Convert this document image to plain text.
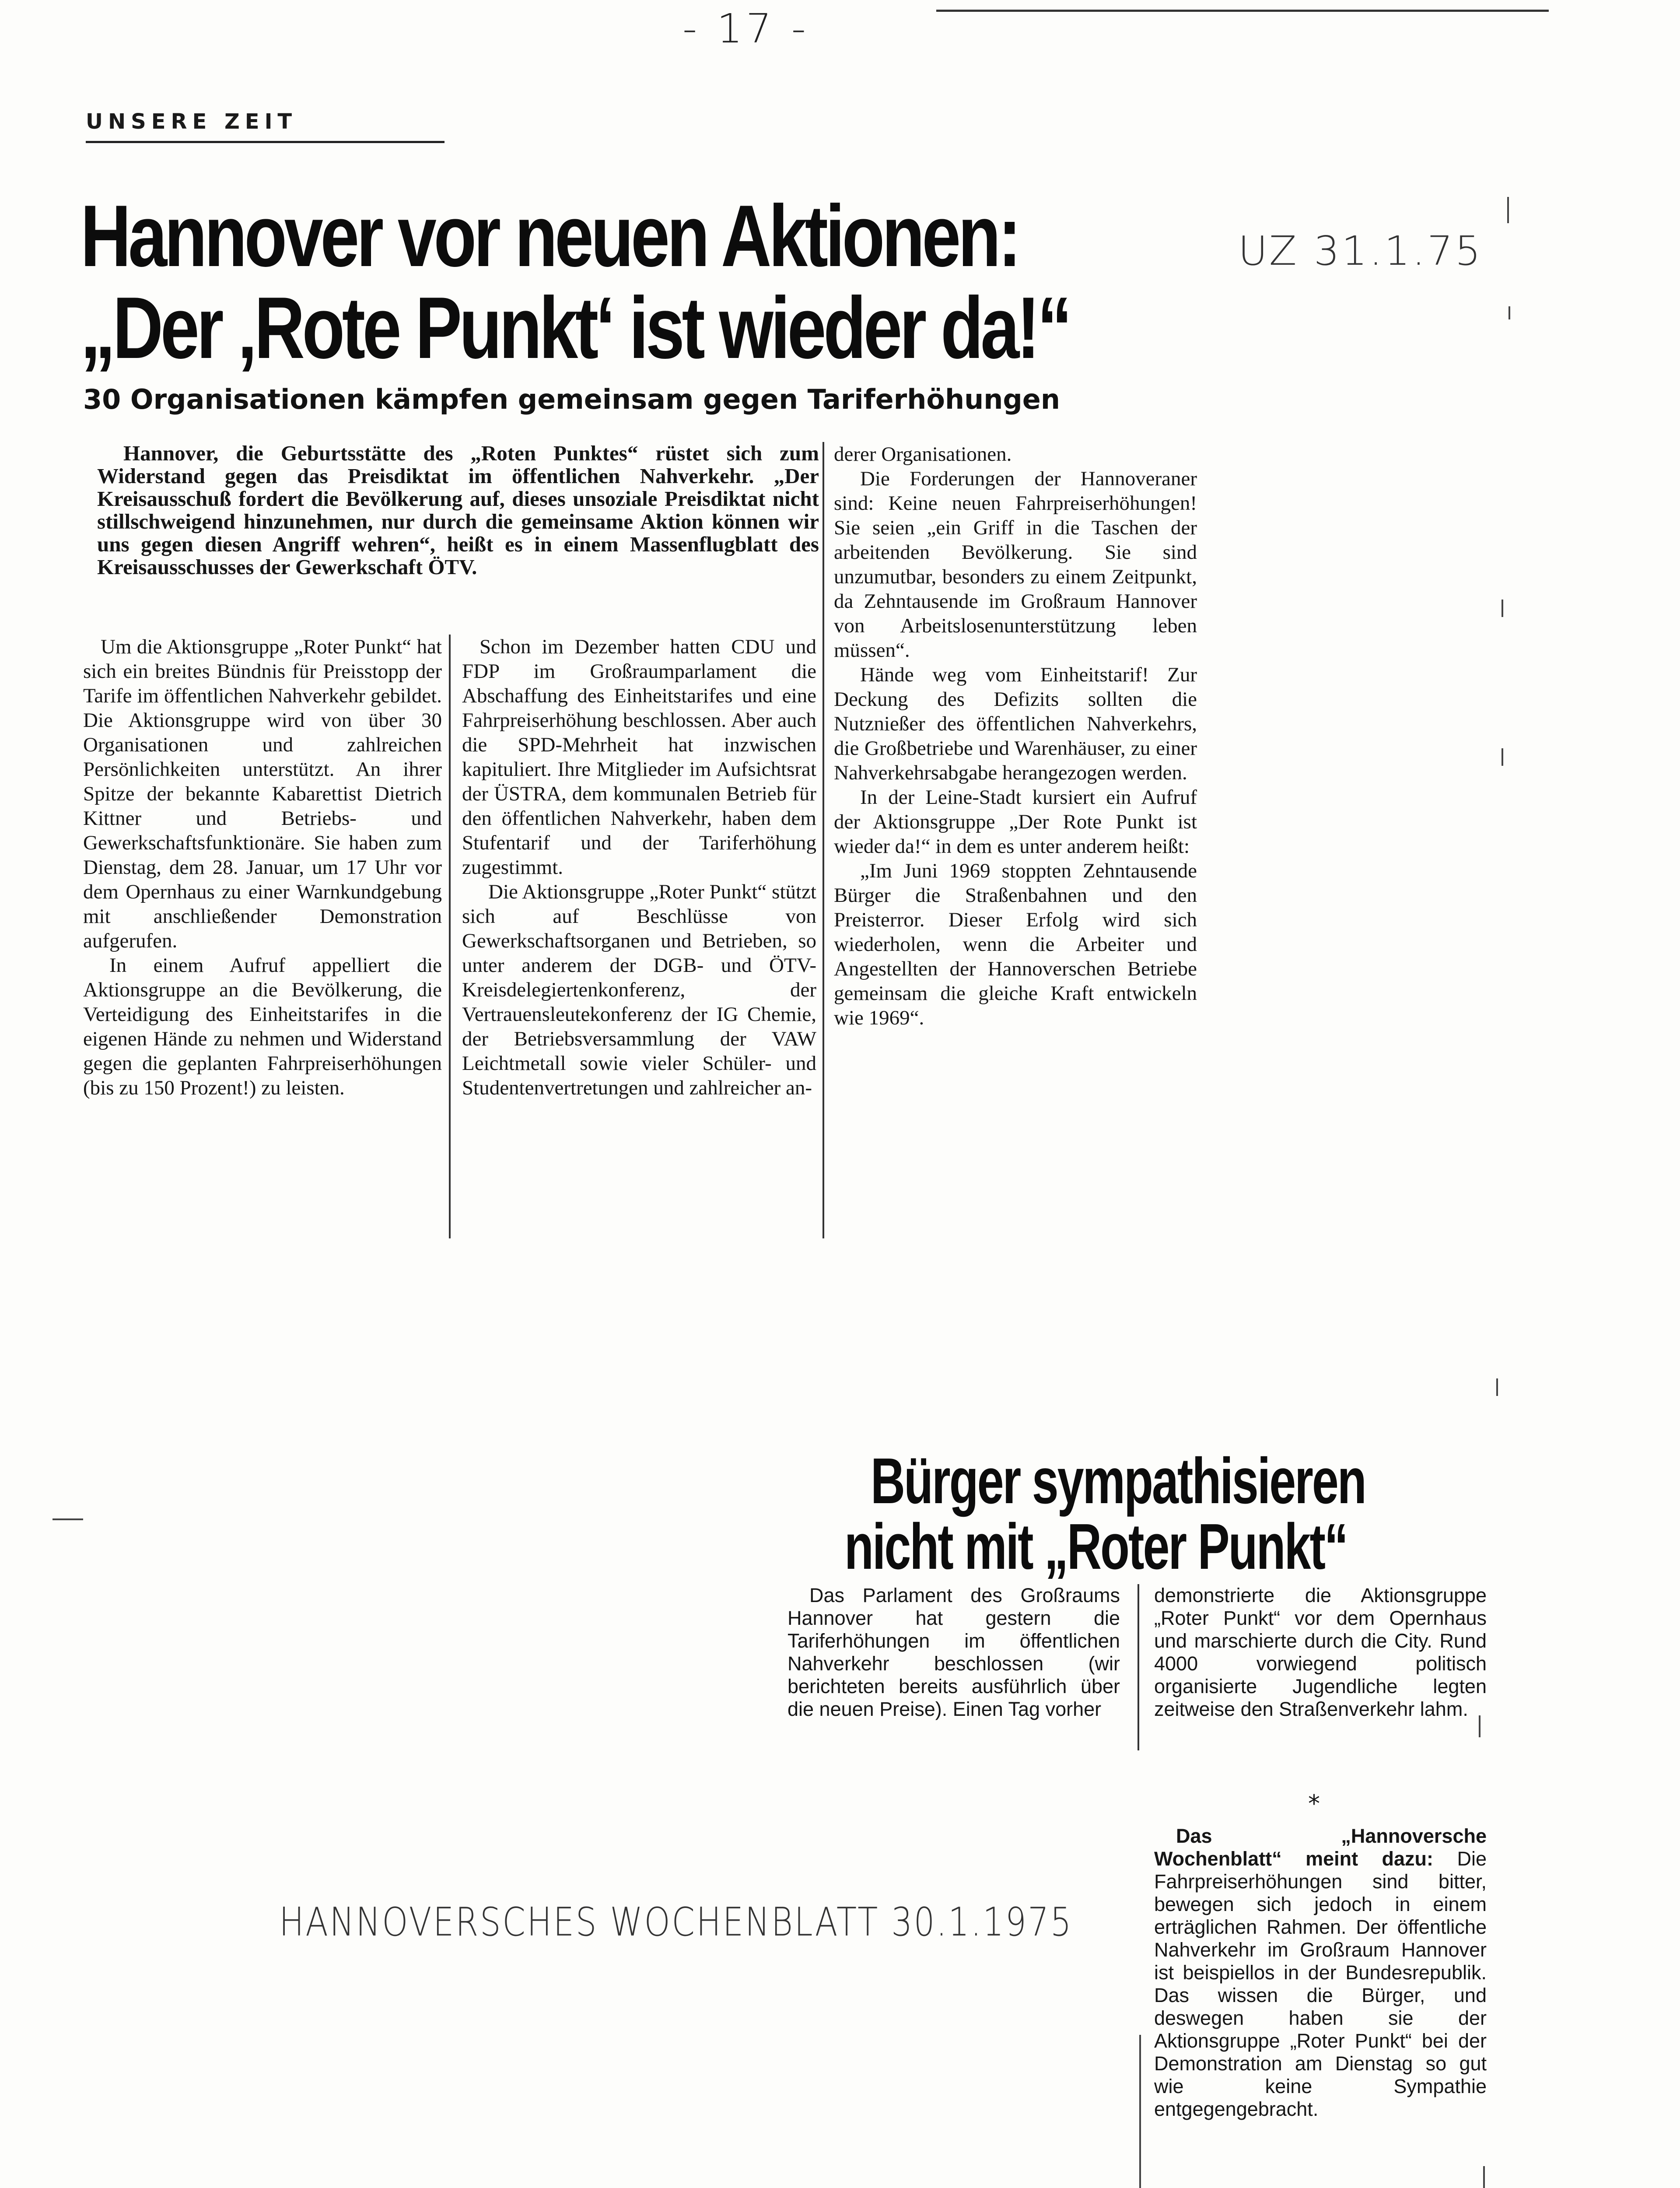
- 17 -
UNSERE ZEIT
Hannover vor neuen Aktionen:
„Der ‚Rote Punkt‘ ist wieder da!“
UZ 31.1.75
30 Organisationen kämpfen gemeinsam gegen Tariferhöhungen
Hannover, die Geburtsstätte des „Roten Punktes“ rüstet sich zum Widerstand gegen das Preisdiktat im öffentlichen Nahverkehr. „Der Kreisausschuß fordert die Bevölkerung auf, dieses unsoziale Preisdiktat nicht stillschweigend hinzunehmen, nur durch die gemeinsame Aktion können wir uns gegen diesen Angriff wehren“, heißt es in einem Massenflugblatt des Kreisausschusses der Gewerkschaft ÖTV.

Um die Aktionsgruppe „Roter Punkt“ hat sich ein breites Bündnis für Preisstopp der Tarife im öffentlichen Nahverkehr gebildet. Die Aktionsgruppe wird von über 30 Organisationen und zahlreichen Persönlichkeiten unterstützt. An ihrer Spitze der bekannte Kabarettist Dietrich Kittner und Betriebs- und Gewerkschaftsfunktionäre. Sie haben zum Dienstag, dem 28. Januar, um 17 Uhr vor dem Opernhaus zu einer Warnkundgebung mit anschließender Demonstration aufgerufen.

In einem Aufruf appelliert die Aktionsgruppe an die Bevölkerung, die Verteidigung des Einheitstarifes in die eigenen Hände zu nehmen und Widerstand gegen die geplanten Fahrpreiserhöhungen (bis zu 150 Prozent!) zu leisten.

Schon im Dezember hatten CDU und FDP im Großraumparlament die Abschaffung des Einheitstarifes und eine Fahrpreiserhöhung beschlossen. Aber auch die SPD-Mehrheit hat inzwischen kapituliert. Ihre Mitglieder im Aufsichtsrat der ÜSTRA, dem kommunalen Betrieb für den öffentlichen Nahverkehr, haben dem Stufentarif und der Tariferhöhung zugestimmt.

Die Aktionsgruppe „Roter Punkt“ stützt sich auf Beschlüsse von Gewerkschaftsorganen und Betrieben, so unter anderem der DGB- und ÖTV-Kreisdelegiertenkonferenz, der Vertrauensleutekonferenz der IG Chemie, der Betriebsversammlung der VAW Leichtmetall sowie vieler Schüler- und Studentenvertretungen und zahlreicher an-

derer Organisationen.

Die Forderungen der Hannoveraner sind: Keine neuen Fahrpreiserhöhungen! Sie seien „ein Griff in die Taschen der arbeitenden Bevölkerung. Sie sind unzumutbar, besonders zu einem Zeitpunkt, da Zehntausende im Großraum Hannover von Arbeitslosenunterstützung leben müssen“.

Hände weg vom Einheitstarif! Zur Deckung des Defizits sollten die Nutznießer des öffentlichen Nahverkehrs, die Großbetriebe und Warenhäuser, zu einer Nahverkehrsabgabe herangezogen werden.

In der Leine-Stadt kursiert ein Aufruf der Aktionsgruppe „Der Rote Punkt ist wieder da!“ in dem es unter anderem heißt:

„Im Juni 1969 stoppten Zehntausende Bürger die Straßenbahnen und den Preisterror. Dieser Erfolg wird sich wiederholen, wenn die Arbeiter und Angestellten der Hannoverschen Betriebe gemeinsam die gleiche Kraft entwickeln wie 1969“.

Bürger sympathisieren
nicht mit „Roter Punkt“

Das Parlament des Großraums Hannover hat gestern die Tariferhöhungen im öffentlichen Nahverkehr beschlossen (wir berichteten bereits ausführlich über die neuen Preise). Einen Tag vorher

demonstrierte die Aktionsgruppe „Roter Punkt“ vor dem Opernhaus und marschierte durch die City. Rund 4000 vorwiegend politisch organisierte Jugendliche legten zeitweise den Straßenverkehr lahm.

*

Das „Hannoversche Wochenblatt“ meint dazu: Die Fahrpreiserhöhungen sind bitter, bewegen sich jedoch in einem erträglichen Rahmen. Der öffentliche Nahverkehr im Großraum Hannover ist beispiellos in der Bundesrepublik. Das wissen die Bürger, und deswegen haben sie der Aktionsgruppe „Roter Punkt“ bei der Demonstration am Dienstag so gut wie keine Sympathie entgegengebracht.

HANNOVERSCHES WOCHENBLATT 30.1.1975
